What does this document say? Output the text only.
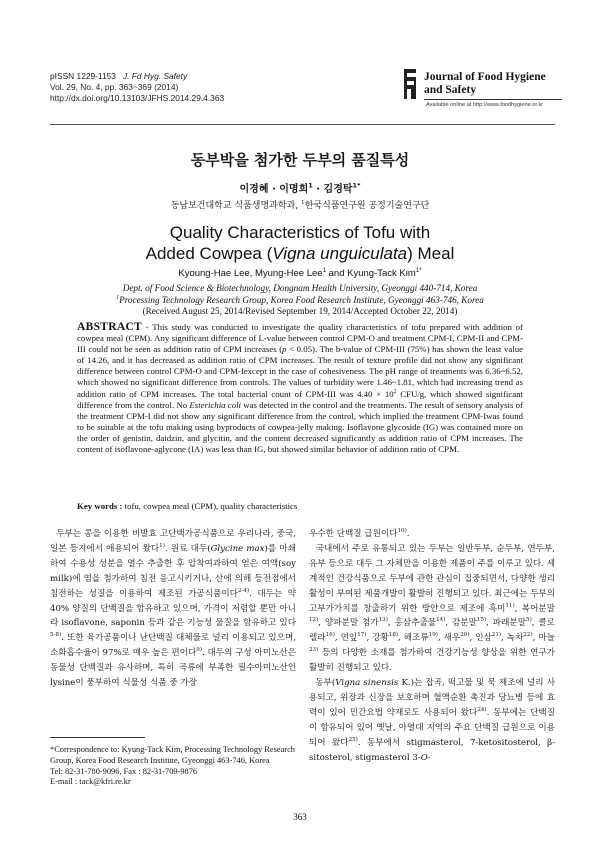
pISSN 1229-1153 J. Fd Hyg. Safety
Vol. 29, No. 4, pp. 363~369 (2014)
http://dx.doi.org/10.13103/JFHS.2014.29.4.363
Journal of Food Hygiene
and Safety
Available online at http://www.foodhygiene.or.kr
동부박을 첨가한 두부의 품질특성
이경혜 · 이명희$^1$ · 김경탁$^{1*}$
동남보건대학교 식품생명과학과, $^1$한국식품연구원 공정기술연구단
Quality Characteristics of Tofu with
Added Cowpea (Vigna unguiculata) Meal
Kyoung-Hae Lee, Myung-Hee Lee$^1$ and Kyung-Tack Kim$^{1*}$
Dept. of Food Science & Biotechnology, Dongnam Health University, Gyeonggi 440-714, Korea
$^1$Processing Technology Research Group, Korea Food Research Institute, Gyeonggi 463-746, Korea
(Received August 25, 2014/Revised September 19, 2014/Accepted October 22, 2014)
ABSTRACT - This study was conducted to investigate the quality characteristics of tofu prepared with addition of cowpea meal (CPM). Any significant difference of L-value between control CPM-O and treatment CPM-I, CPM-II and CPM-III could not be seen as addition ratio of CPM increases (p < 0.05). The b-value of CPM-III (75%) has shown the least value of 14.26, and it has decreased as addition ratio of CPM increases. The result of texture profile did not show any significant difference between control CPM-O and CPM-Iexcept in the case of cohesiveness. The pH range of treatments was 6.36~6.52, which showed no significant difference from controls. The values of turbidity were 1.46~1.81, which had increasing trend as addition ratio of CPM increases. The total bacterial count of CPM-III was $4.40 \times 10^2$ CFU/g, which showed significant difference from the control. No Esterichia coli was detected in the control and the treatments. The result of sensory analysis of the treatment CPM-I did not show any significant difference from the control, which implied the treatment CPM-Iwas found to be suitable at the tofu making using byproducts of cowpea-jelly making. Isoflavone glycoside (IG) was contained more on the order of genistin, daidzin, and glycitin, and the content decreased significantly as addition ratio of CPM increases. The content of isoflavone-aglycone (IA) was less than IG, but showed similar behavior of addition ratio of CPM.
Key words : tofu, cowpea meal (CPM), quality characteristics

두부는 콩을 이용한 비발효 고단백가공식품으로 우리나라, 중국, 일본 등지에서 애용되어 왔다$^{1)}$. 원료 대두(Glycine max)를 마쇄하여 수용성 성분을 열수 추출한 후 압착여과하여 얻은 여액(soy milk)에 염을 첨가하여 침전 응고시키거나, 산에 의해 등전점에서 침전하는 성질을 이용하여 제조된 가공식품이다$^{2-4)}$. 대두는 약 40% 양질의 단백질을 함유하고 있으며, 가격이 저렴할 뿐만 아니라 isoflavone, saponin 등과 같은 기능성 물질을 함유하고 있다$^{5-8)}$. 또한 육가공품이나 난단백질 대체물로 널리 이용되고 있으며, 소화흡수율이 97%로 매우 높은 편이다$^{9)}$. 대두의 구성 아미노산은 동물성 단백질과 유사하며, 특히 곡류에 부족한 필수아미노산인 lysine이 풍부하여 식물성 식품 중 가장

우수한 단백질 급원이다$^{10)}$.

국내에서 주로 유통되고 있는 두부는 일반두부, 순두부, 연두부, 유부 등으로 대두 그 자체만을 이용한 제품이 주를 이루고 있다. 세계적인 건강식품으로 두부에 관한 관심이 집중되면서, 다양한 생리활성이 부여된 제품개발이 활발히 진행되고 있다. 최근에는 두부의 고부가가치를 창출하기 위한 방안으로 제조에 흑미$^{11)}$, 복어분말$^{12)}$, 양파분말 첨가$^{13)}$, 홍삼추출물$^{14)}$, 감분말$^{15)}$, 파래분말$^{5)}$, 클로렐라$^{16)}$, 연잎$^{17)}$, 강황$^{18)}$, 해조류$^{19)}$, 새우$^{20)}$, 인삼$^{21)}$, 녹차$^{22)}$, 마늘$^{23)}$ 등의 다양한 소재를 첨가하여 건강기능성 향상을 위한 연구가 활발히 진행되고 있다.

동부(Vigna sinensis K.)는 잡곡, 떡고물 및 묵 제조에 널리 사용되고, 위장과 신장을 보호하며 혈액순환 촉진과 당뇨병 등에 효력이 있어 민간요법 약재로도 사용되어 왔다$^{24)}$. 동부에는 단백질이 함유되어 있어 옛날, 아열대 지역의 주요 단백질 급원으로 이용되어 왔다$^{25)}$. 동부에서 stigmasterol, 7-ketositosterol, β-sitosterol, stigmasterol 3-O-

*Correspondence to: Kyung-Tack Kim, Processing Technology Research Group, Korea Food Research Institute, Gyeonggi 463-746, Korea
Tel: 82-31-780-9096, Fax : 82-31-709-9876
E-mail : tack@kfri.re.kr
363
